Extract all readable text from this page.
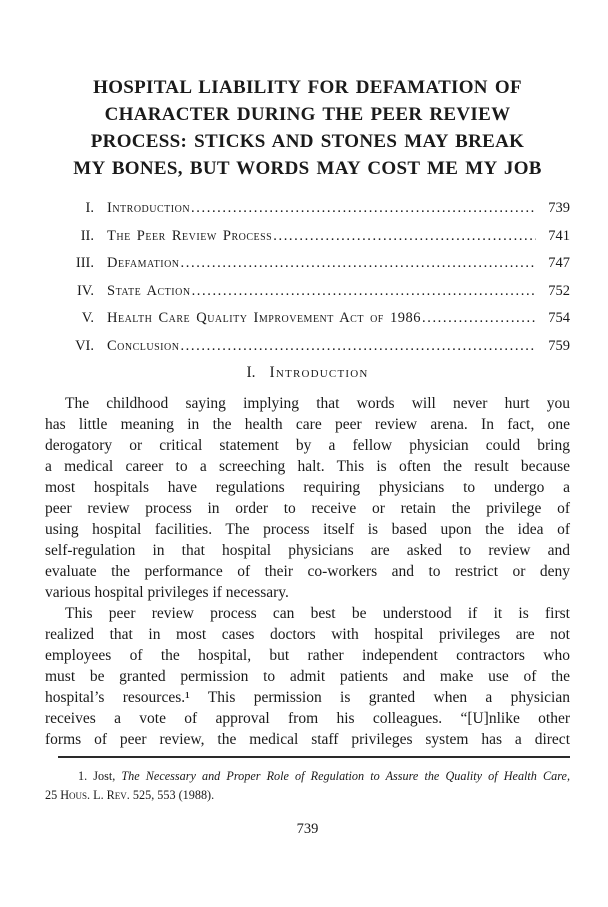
HOSPITAL LIABILITY FOR DEFAMATION OF
CHARACTER DURING THE PEER REVIEW
PROCESS: STICKS AND STONES MAY BREAK
MY BONES, BUT WORDS MAY COST ME MY JOB
I. Introduction .....	739
II. The Peer Review Process .....	741
III. Defamation .....	747
IV. State Action .....	752
V. Health Care Quality Improvement Act of 1986 .....	754
VI. Conclusion .....	759
I. Introduction
The childhood saying implying that words will never hurt you
has little meaning in the health care peer review arena. In fact, one
derogatory or critical statement by a fellow physician could bring
a medical career to a screeching halt. This is often the result because
most hospitals have regulations requiring physicians to undergo a
peer review process in order to receive or retain the privilege of
using hospital facilities. The process itself is based upon the idea of
self-regulation in that hospital physicians are asked to review and
evaluate the performance of their co-workers and to restrict or deny
various hospital privileges if necessary.
This peer review process can best be understood if it is first
realized that in most cases doctors with hospital privileges are not
employees of the hospital, but rather independent contractors who
must be granted permission to admit patients and make use of the
hospital’s resources.¹ This permission is granted when a physician
receives a vote of approval from his colleagues. “[U]nlike other
forms of peer review, the medical staff privileges system has a direct
1. Jost, The Necessary and Proper Role of Regulation to Assure the Quality of Health Care,
25 Hous. L. Rev. 525, 553 (1988).
739
